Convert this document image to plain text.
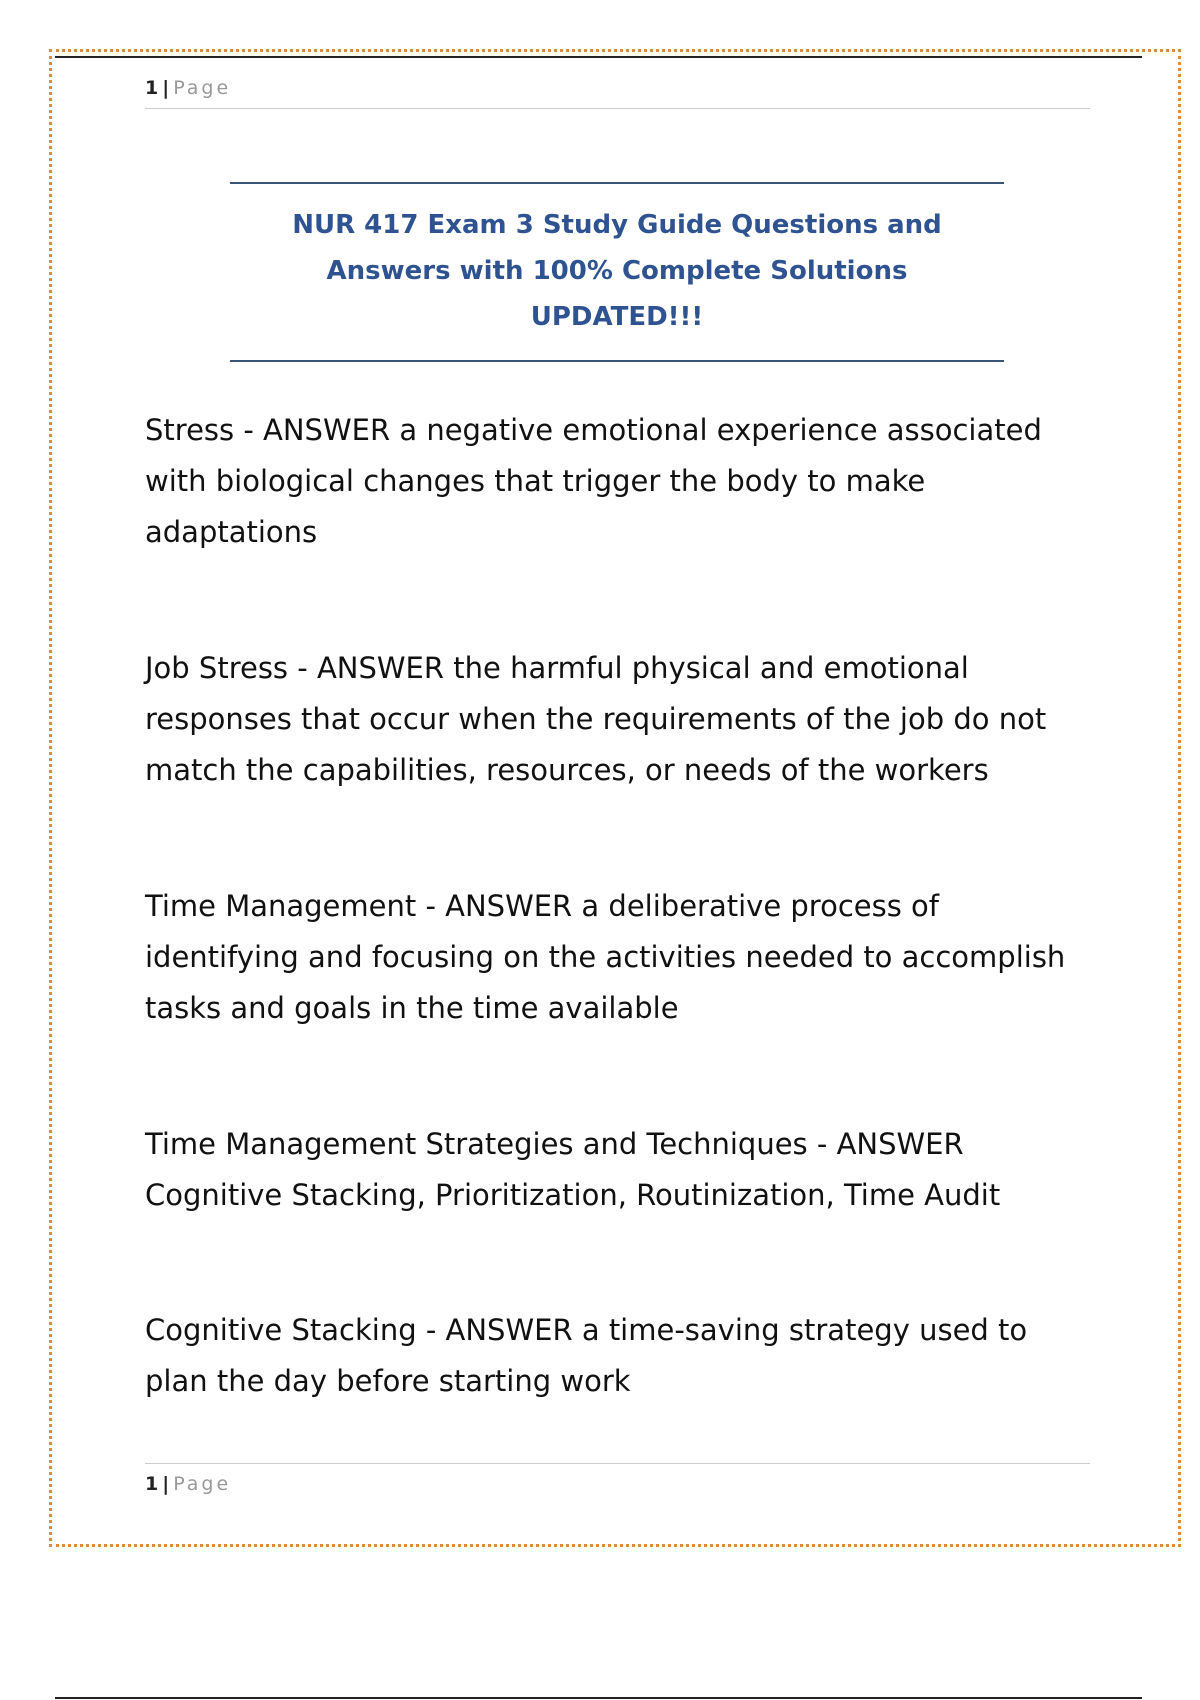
1 | Page
NUR 417 Exam 3 Study Guide Questions and Answers with 100% Complete Solutions UPDATED!!!
Stress - ANSWER a negative emotional experience associated with biological changes that trigger the body to make adaptations
Job Stress - ANSWER the harmful physical and emotional responses that occur when the requirements of the job do not match the capabilities, resources, or needs of the workers
Time Management - ANSWER a deliberative process of identifying and focusing on the activities needed to accomplish tasks and goals in the time available
Time Management Strategies and Techniques - ANSWER Cognitive Stacking, Prioritization, Routinization, Time Audit
Cognitive Stacking - ANSWER a time-saving strategy used to plan the day before starting work
1 | Page
